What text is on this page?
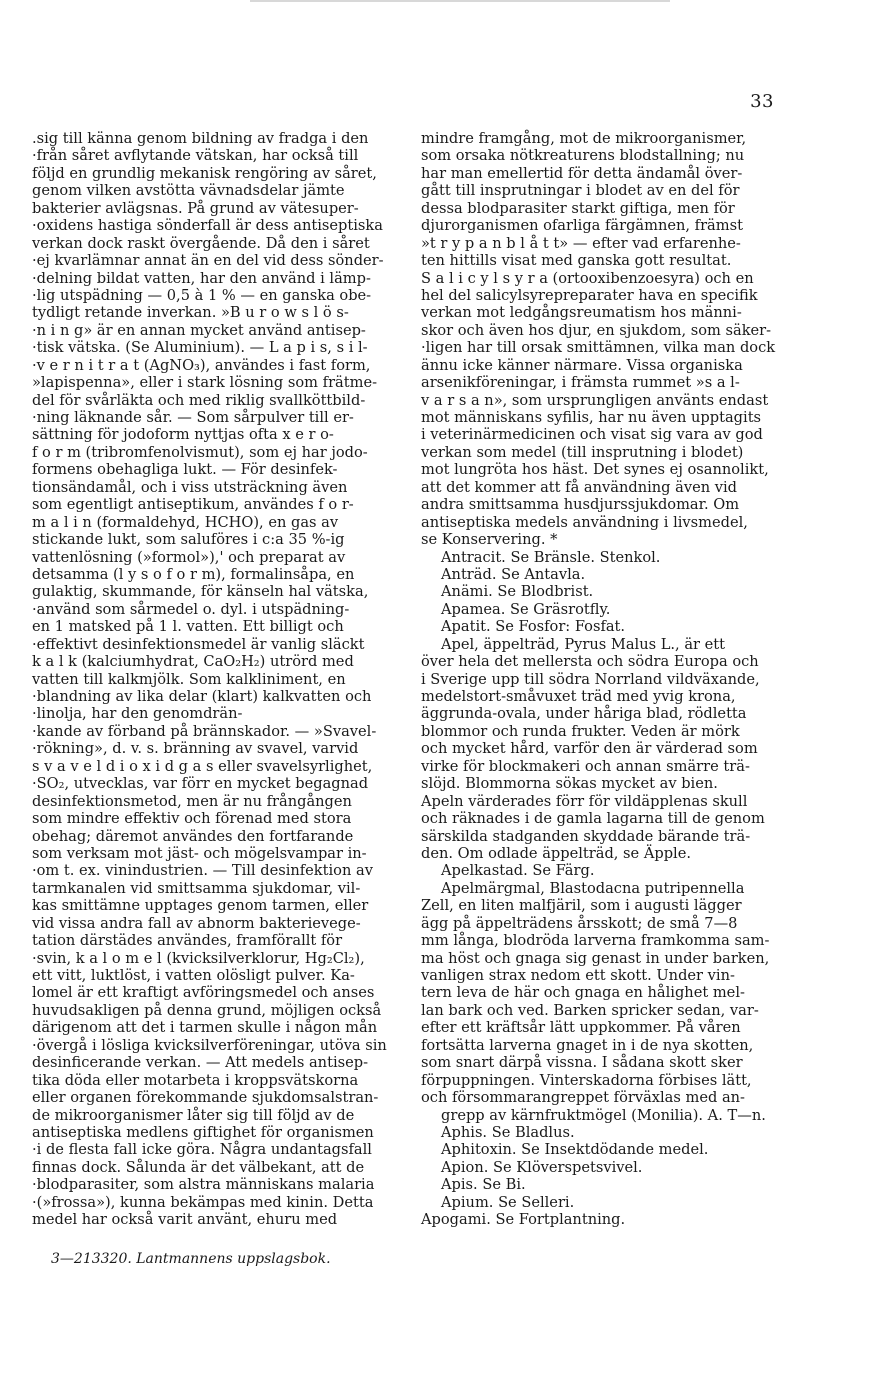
33
.sig till känna genom bildning av fradga i den
·från såret avflytande vätskan, har också till
följd en grundlig mekanisk rengöring av såret,
genom vilken avstötta vävnadsdelar jämte
bakterier avlägsnas. På grund av vätesuper-
·oxidens hastiga sönderfall är dess antiseptiska
verkan dock raskt övergående. Då den i såret
·ej kvarlämnar annat än en del vid dess sönder-
·delning bildat vatten, har den använd i lämp-
·lig utspädning — 0,5 à 1 % — en ganska obe-
tydligt retande inverkan. »B u r o w s l ö s-
·n i n g» är en annan mycket använd antisep-
·tisk vätska. (Se Aluminium). — L a p i s, s i l-
·v e r n i t r a t (AgNO₃), användes i fast form,
»lapispenna», eller i stark lösning som frätme-
del för svårläkta och med riklig svallköttbild-
·ning läknande sår. — Som sårpulver till er-
sättning för jodoform nyttjas ofta x e r o-
f o r m (tribromfenolvismut), som ej har jodo-
formens obehagliga lukt. — För desinfek-
tionsändamål, och i viss utsträckning även
som egentligt antiseptikum, användes f o r-
m a l i n (formaldehyd, HCHO), en gas av
stickande lukt, som saluföres i c:a 35 %-ig
vattenlösning (»formol»),' och preparat av
detsamma (l y s o f o r m), formalinsåpa, en
gulaktig, skummande, för känseln hal vätska,
·använd som sårmedel o. dyl. i utspädning-
en 1 matsked på 1 l. vatten. Ett billigt och
·effektivt desinfektionsmedel är vanlig släckt
k a l k (kalciumhydrat, CaO₂H₂) utrörd med
vatten till kalkmjölk. Som kalkliniment, en
·blandning av lika delar (klart) kalkvatten och
·linolja, har den genomdrän-
·kande av förband på brännskador. — »Svavel-
·rökning», d. v. s. bränning av svavel, varvid
s v a v e l d i o x i d g a s eller svavelsyrlighet,
·SO₂, utvecklas, var förr en mycket begagnad
desinfektionsmetod, men är nu frångången
som mindre effektiv och förenad med stora
obehag; däremot användes den fortfarande
som verksam mot jäst- och mögelsvampar in-
·om t. ex. vinindustrien. — Till desinfektion av
tarmkanalen vid smittsamma sjukdomar, vil-
kas smittämne upptages genom tarmen, eller
vid vissa andra fall av abnorm bakterievege-
tation därstädes användes, framförallt för
·svin, k a l o m e l (kvicksilverklorur, Hg₂Cl₂),
ett vitt, luktlöst, i vatten olösligt pulver. Ka-
lomel är ett kraftigt avföringsmedel och anses
huvudsakligen på denna grund, möjligen också
därigenom att det i tarmen skulle i någon mån
·övergå i lösliga kvicksilverföreningar, utöva sin
desinficerande verkan. — Att medels antisep-
tika döda eller motarbeta i kroppsvätskorna
eller organen förekommande sjukdomsalstran-
de mikroorganismer låter sig till följd av de
antiseptiska medlens giftighet för organismen
·i de flesta fall icke göra. Några undantagsfall
finnas dock. Sålunda är det välbekant, att de
·blodparasiter, som alstra människans malaria
·(»frossa»), kunna bekämpas med kinin. Detta
medel har också varit använt, ehuru med
mindre framgång, mot de mikroorganismer,
som orsaka nötkreaturens blodstallning; nu
har man emellertid för detta ändamål över-
gått till insprutningar i blodet av en del för
dessa blodparasiter starkt giftiga, men för
djurorganismen ofarliga färgämnen, främst
»t r y p a n b l å t t» — efter vad erfarenhe-
ten hittills visat med ganska gott resultat.
S a l i c y l s y r a (ortooxibenzoesyra) och en
hel del salicylsyrepreparater hava en specifik
verkan mot ledgångsreumatism hos männi-
skor och även hos djur, en sjukdom, som säker-
·ligen har till orsak smittämnen, vilka man dock
ännu icke känner närmare. Vissa organiska
arsenikföreningar, i främsta rummet »s a l-
v a r s a n», som ursprungligen använts endast
mot människans syfilis, har nu även upptagits
i veterinärmedicinen och visat sig vara av god
verkan som medel (till insprutning i blodet)
mot lungröta hos häst. Det synes ej osannolikt,
att det kommer att få användning även vid
andra smittsamma husdjurssjukdomar. Om
antiseptiska medels användning i livsmedel,
se Konservering. *
Antracit. Se Bränsle. Stenkol.
Anträd. Se Antavla.
Anämi. Se Blodbrist.
Apamea. Se Gräsrotfly.
Apatit. Se Fosfor: Fosfat.
Apel, äppelträd, Pyrus Malus L., är ett
över hela det mellersta och södra Europa och
i Sverige upp till södra Norrland vildväxande,
medelstort-småvuxet träd med yvig krona,
äggrunda-ovala, under håriga blad, rödletta
blommor och runda frukter. Veden är mörk
och mycket hård, varför den är värderad som
virke för blockmakeri och annan smärre trä-
slöjd. Blommorna sökas mycket av bien.
Apeln värderades förr för vildäpplenas skull
och räknades i de gamla lagarna till de genom
särskilda stadganden skyddade bärande trä-
den. Om odlade äppelträd, se Äpple.
Apelkastad. Se Färg.
Apelmärgmal, Blastodacna putripennella
Zell, en liten malfjäril, som i augusti lägger
ägg på äppelträdens årsskott; de små 7—8
mm långa, blodröda larverna framkomma sam-
ma höst och gnaga sig genast in under barken,
vanligen strax nedom ett skott. Under vin-
tern leva de här och gnaga en hålighet mel-
lan bark och ved. Barken spricker sedan, var-
efter ett kräftsår lätt uppkommer. På våren
fortsätta larverna gnaget in i de nya skotten,
som snart därpå vissna. I sådana skott sker
förpuppningen. Vinterskadorna förbises lätt,
och försommarangreppet förväxlas med an-
grepp av kärnfruktmögel (Monilia). A. T—n.
Aphis. Se Bladlus.
Aphitoxin. Se Insektdödande medel.
Apion. Se Klöverspetsvivel.
Apis. Se Bi.
Apium. Se Selleri.
Apogami. Se Fortplantning.
3—213320. Lantmannens uppslagsbok.
